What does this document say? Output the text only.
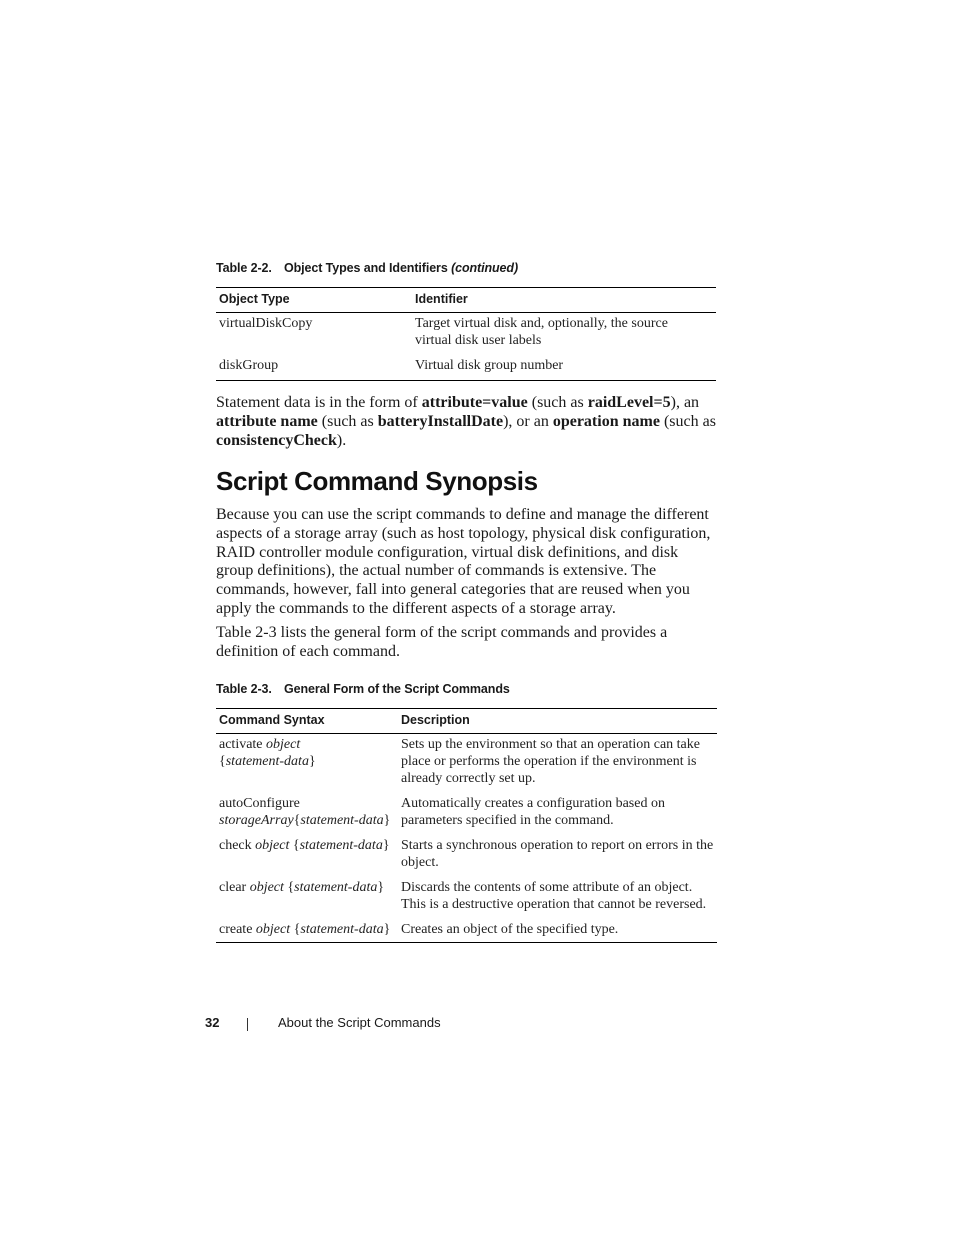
Table 2-2. Object Types and Identifiers (continued)
Object Type	Identifier
virtualDiskCopy	Target virtual disk and, optionally, the source virtual disk user labels
diskGroup	Virtual disk group number

Statement data is in the form of attribute=value (such as raidLevel=5), an attribute name (such as batteryInstallDate), or an operation name (such as consistencyCheck).

Script Command Synopsis

Because you can use the script commands to define and manage the different aspects of a storage array (such as host topology, physical disk configuration, RAID controller module configuration, virtual disk definitions, and disk group definitions), the actual number of commands is extensive. The commands, however, fall into general categories that are reused when you apply the commands to the different aspects of a storage array.

Table 2-3 lists the general form of the script commands and provides a definition of each command.

Table 2-3. General Form of the Script Commands
Command Syntax	Description
activate object
{statement-data}	Sets up the environment so that an operation can take place or performs the operation if the environment is already correctly set up.
autoConfigure
storageArray{statement-data}	Automatically creates a configuration based on parameters specified in the command.
check object {statement-data}	Starts a synchronous operation to report on errors in the object.
clear object {statement-data}	Discards the contents of some attribute of an object. This is a destructive operation that cannot be reversed.
create object {statement-data}	Creates an object of the specified type.
32	About the Script Commands
